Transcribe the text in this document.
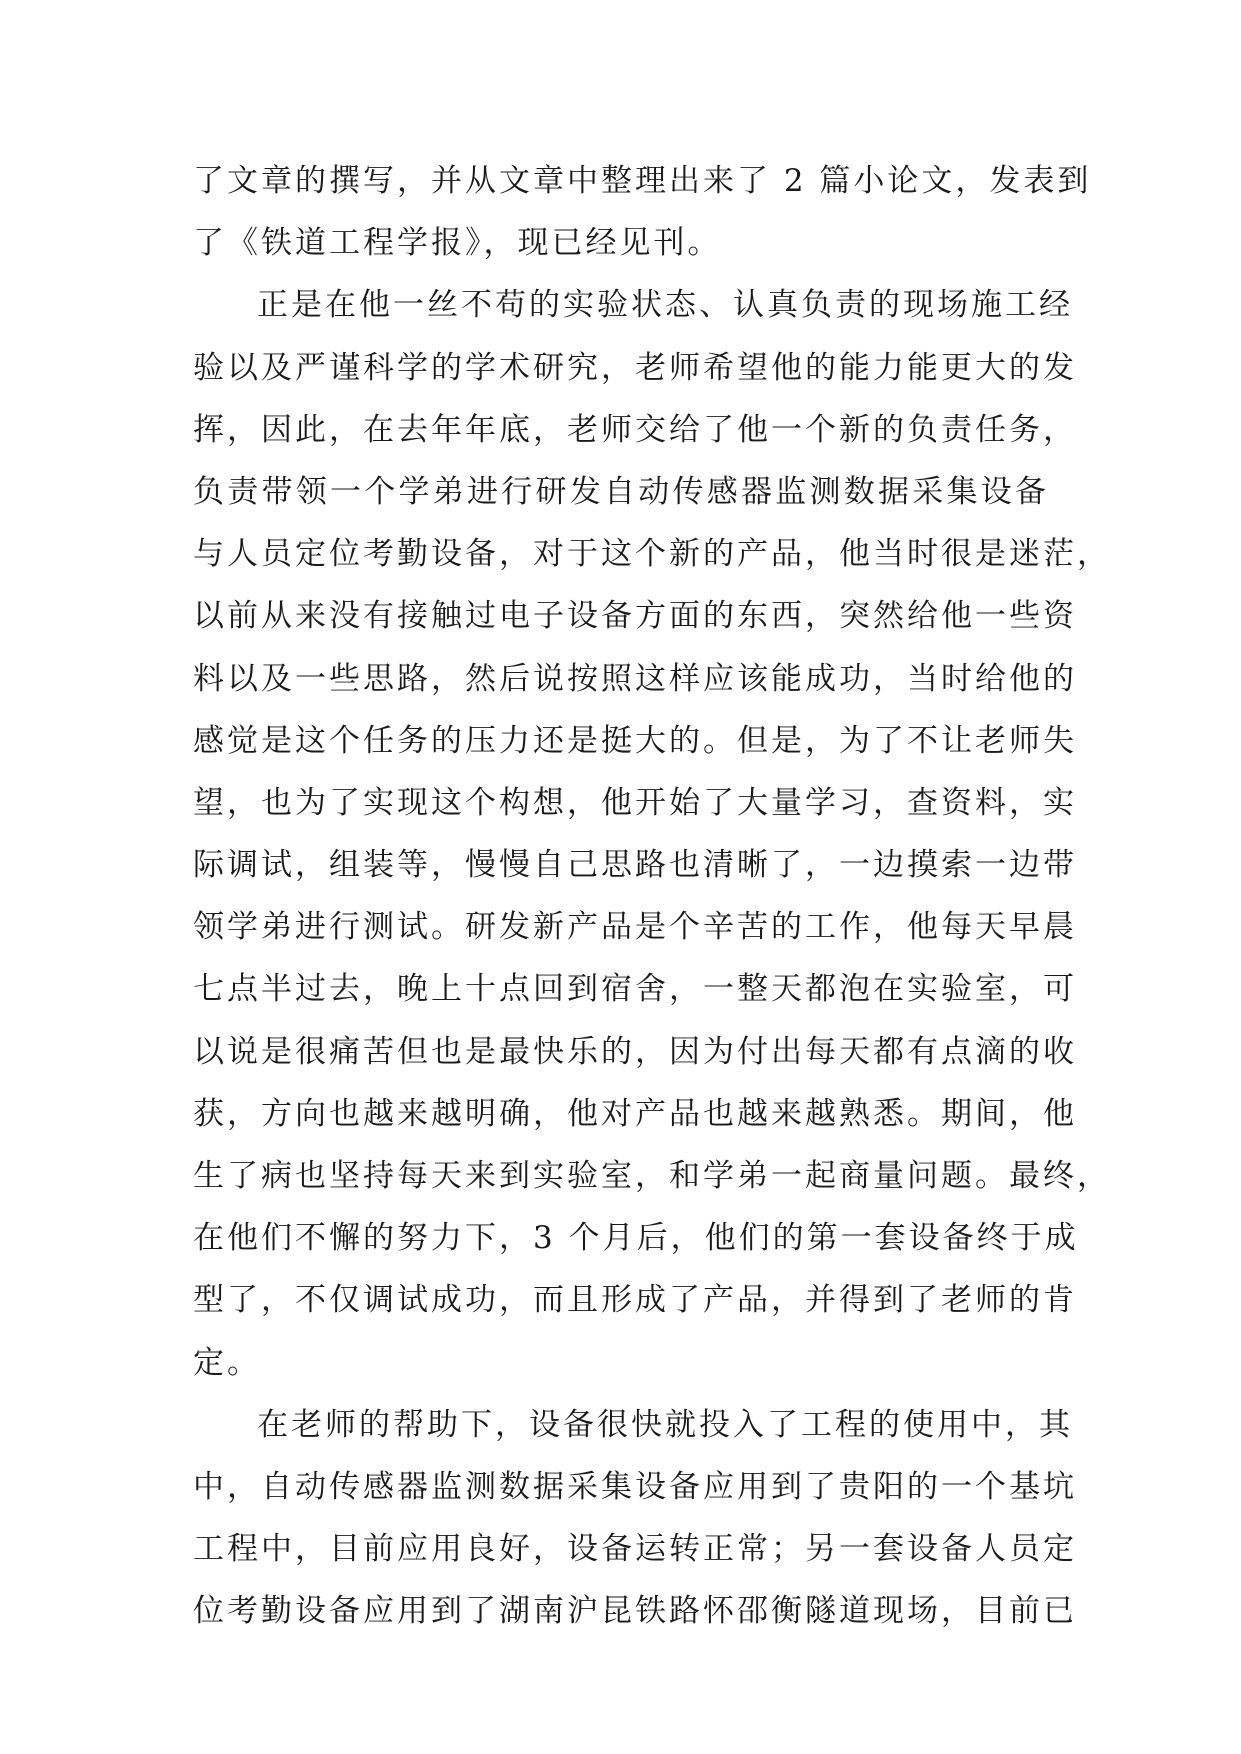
了文章的撰写，并从文章中整理出来了 2 篇小论文，发表到
了《铁道工程学报》，现已经见刊。
正是在他一丝不苟的实验状态、认真负责的现场施工经
验以及严谨科学的学术研究，老师希望他的能力能更大的发
挥，因此，在去年年底，老师交给了他一个新的负责任务，
负责带领一个学弟进行研发自动传感器监测数据采集设备
与人员定位考勤设备，对于这个新的产品，他当时很是迷茫，
以前从来没有接触过电子设备方面的东西，突然给他一些资
料以及一些思路，然后说按照这样应该能成功，当时给他的
感觉是这个任务的压力还是挺大的。但是，为了不让老师失
望，也为了实现这个构想，他开始了大量学习，查资料，实
际调试，组装等，慢慢自己思路也清晰了，一边摸索一边带
领学弟进行测试。研发新产品是个辛苦的工作，他每天早晨
七点半过去，晚上十点回到宿舍，一整天都泡在实验室，可
以说是很痛苦但也是最快乐的，因为付出每天都有点滴的收
获，方向也越来越明确，他对产品也越来越熟悉。期间，他
生了病也坚持每天来到实验室，和学弟一起商量问题。最终，
在他们不懈的努力下，3 个月后，他们的第一套设备终于成
型了，不仅调试成功，而且形成了产品，并得到了老师的肯
定。
在老师的帮助下，设备很快就投入了工程的使用中，其
中，自动传感器监测数据采集设备应用到了贵阳的一个基坑
工程中，目前应用良好，设备运转正常；另一套设备人员定
位考勤设备应用到了湖南沪昆铁路怀邵衡隧道现场，目前已
